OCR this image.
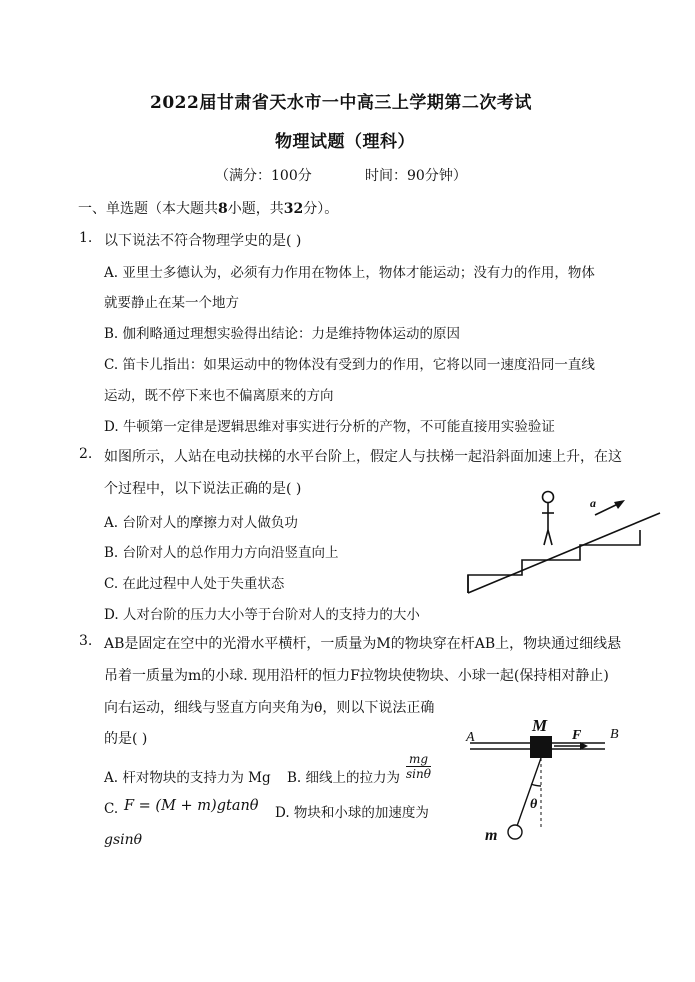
2022届甘肃省天水市一中高三上学期第二次考试
物理试题（理科）
（满分：100分	时间：90分钟）
一、单选题（本大题共8小题，共32分）。
1. 以下说法不符合物理学史的是( )
A. 亚里士多德认为，必须有力作用在物体上，物体才能运动；没有力的作用，物体
就要静止在某一个地方
B. 伽利略通过理想实验得出结论：力是维持物体运动的原因
C. 笛卡儿指出：如果运动中的物体没有受到力的作用，它将以同一速度沿同一直线
运动，既不停下来也不偏离原来的方向
D. 牛顿第一定律是逻辑思维对事实进行分析的产物，不可能直接用实验验证
2. 如图所示，人站在电动扶梯的水平台阶上，假定人与扶梯一起沿斜面加速上升，在这
个过程中，以下说法正确的是( )
A. 台阶对人的摩擦力对人做负功
B. 台阶对人的总作用力方向沿竖直向上
C. 在此过程中人处于失重状态
D. 人对台阶的压力大小等于台阶对人的支持力的大小
a
3. AB是固定在空中的光滑水平横杆，一质量为M的物块穿在杆AB上，物块通过细线悬
吊着一质量为m的小球. 现用沿杆的恒力F拉物块使物块、小球一起(保持相对静止)
向右运动，细线与竖直方向夹角为θ，则以下说法正确
的是( )
A. 杆对物块的支持力为 Mg B. 细线上的拉力为 $\frac{mg}{\sin\theta}$
C. F = (M + m)gtanθ D. 物块和小球的加速度为
gsinθ
A	B
M
F
θ
m
